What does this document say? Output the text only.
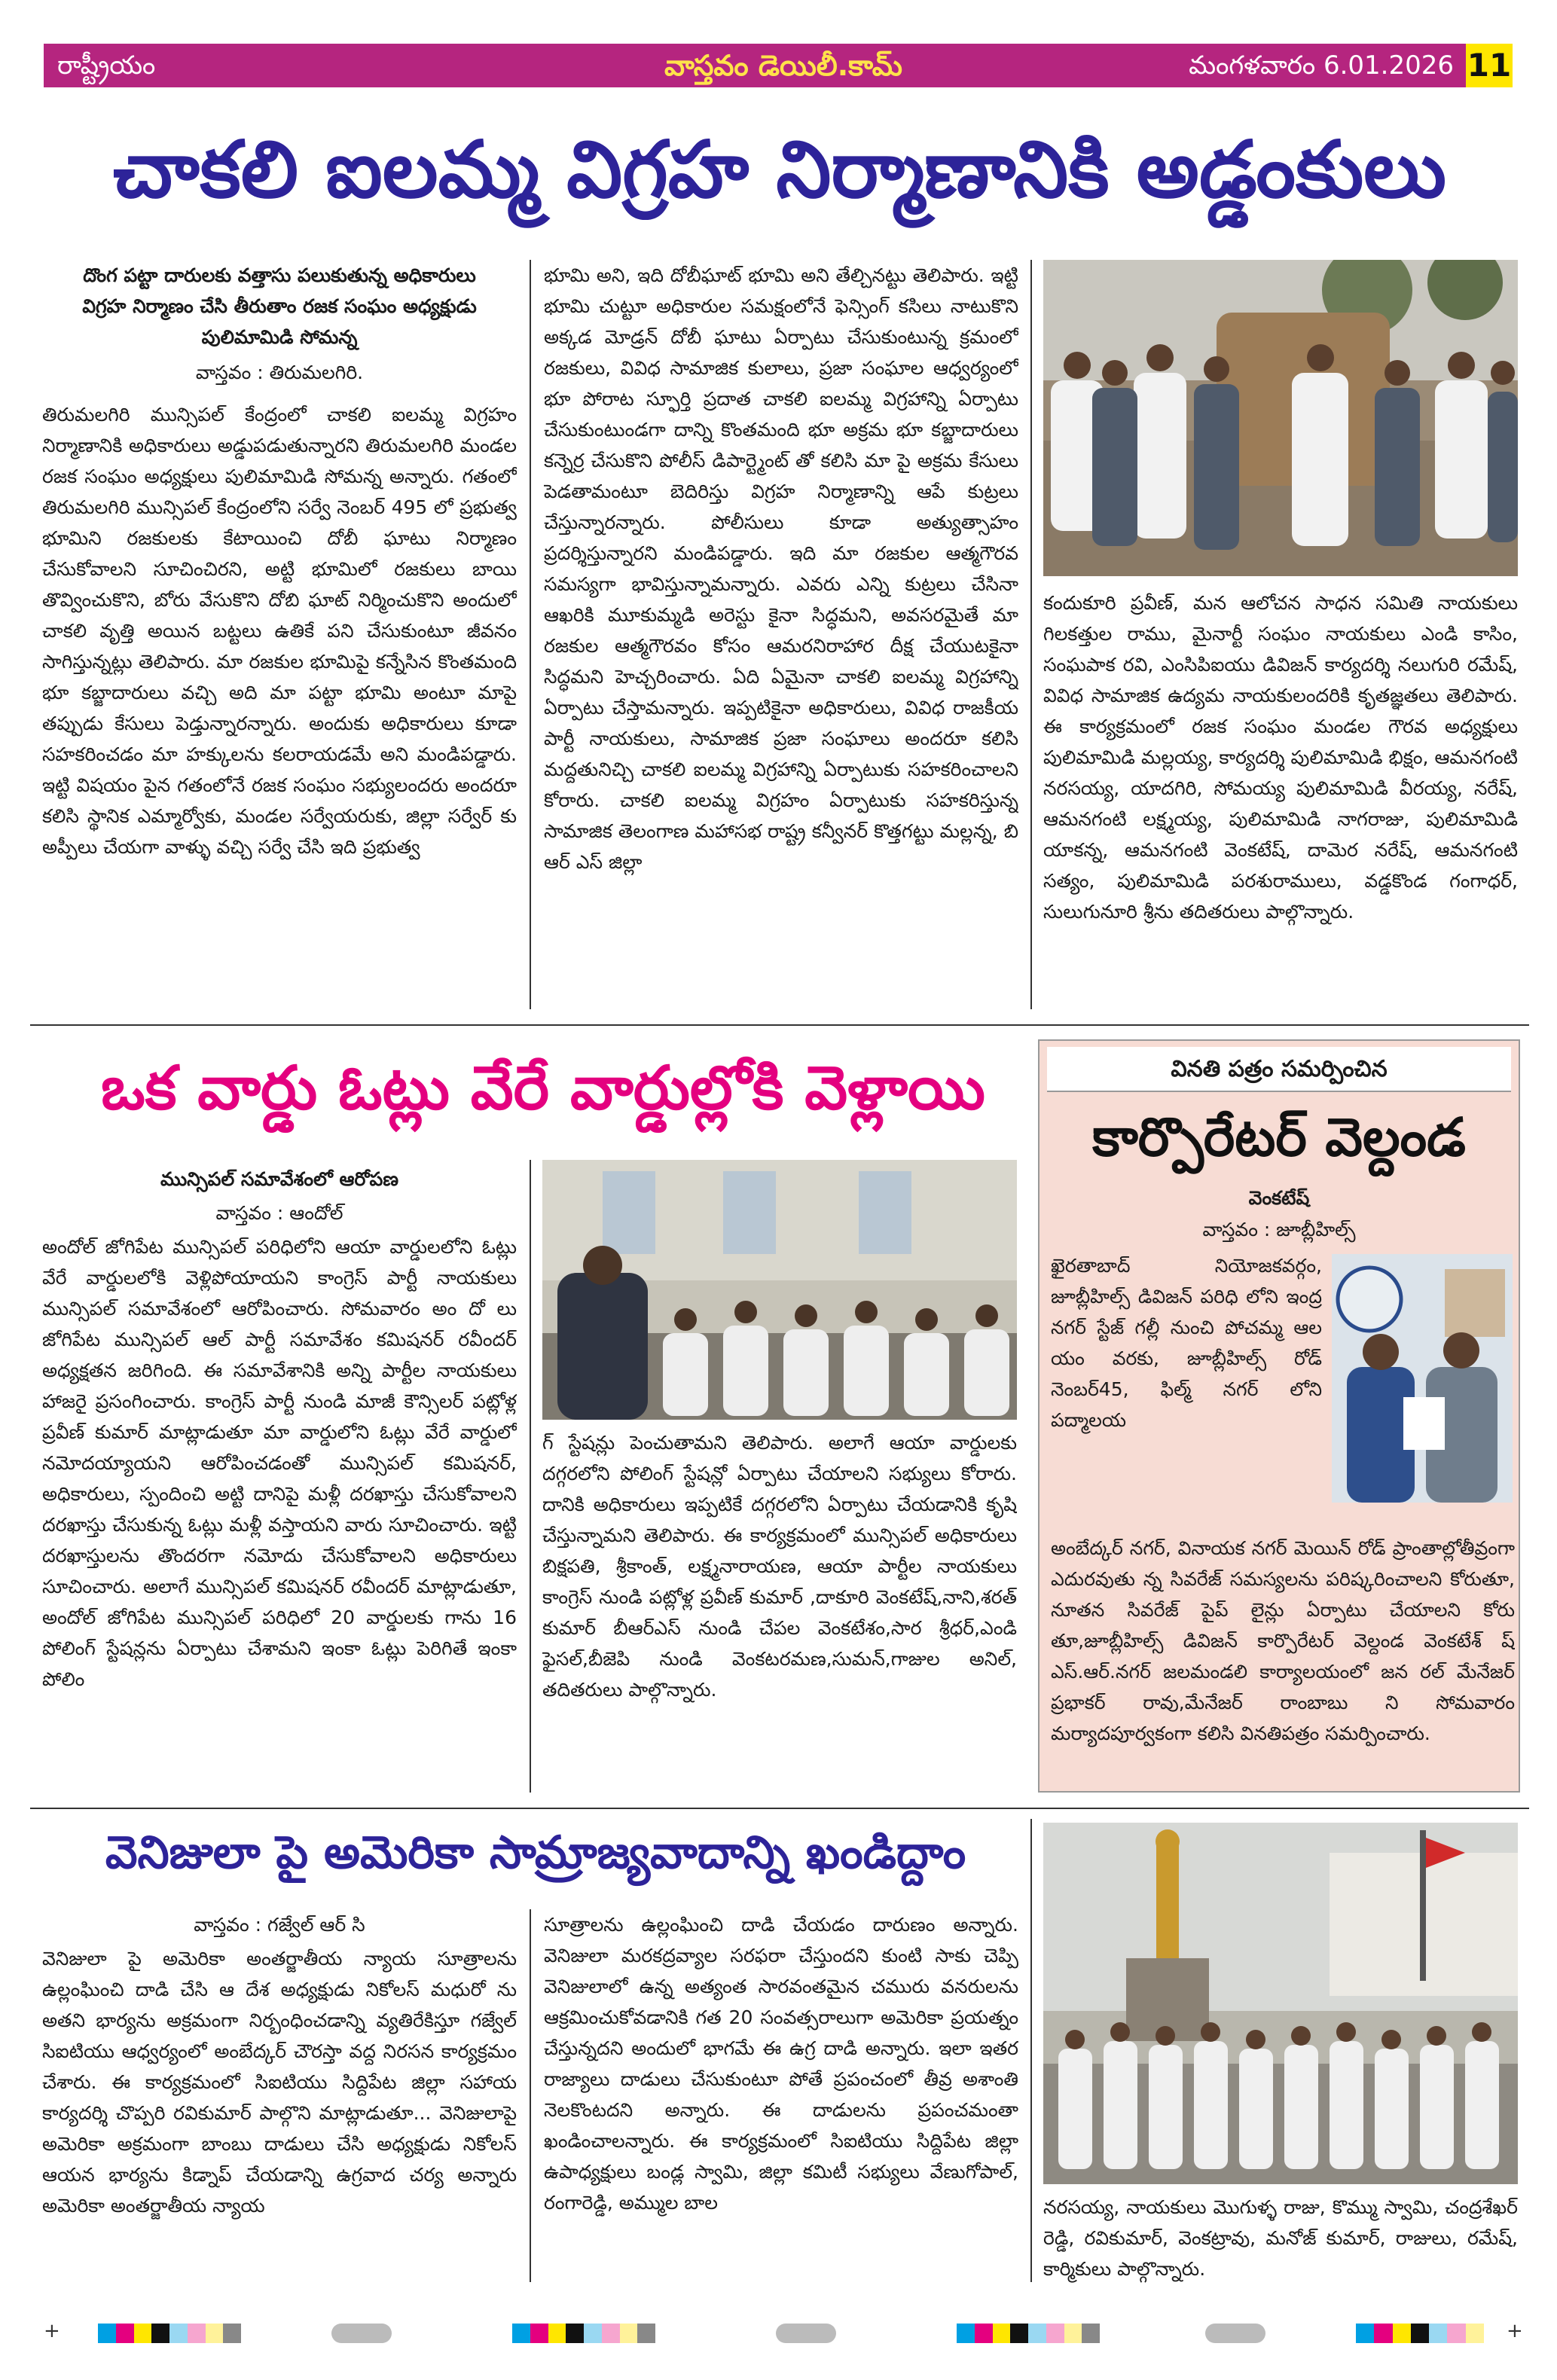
రాష్ట్రీయం	వాస్తవం డెయిలీ.కామ్	మంగళవారం 6.01.2026 11
చాకలి ఐలమ్మ విగ్రహ నిర్మాణానికి అడ్డంకులు
దొంగ పట్టా దారులకు వత్తాసు పలుకుతున్న అధికారులు
విగ్రహ నిర్మాణం చేసి తీరుతాం రజక సంఘం అధ్యక్షుడు
పులిమామిడి సోమన్న
వాస్తవం : తిరుమలగిరి.
తిరుమలగిరి మున్సిపల్ కేంద్రంలో చాకలి ఐలమ్మ విగ్రహం నిర్మాణానికి అధికారులు అడ్డుపడుతున్నారని తిరుమలగిరి మండల రజక సంఘం అధ్యక్షులు పులిమామిడి సోమన్న అన్నారు. గతంలో తిరుమలగిరి మున్సిపల్ కేంద్రంలోని సర్వే నెంబర్ 495 లో ప్రభుత్వ భూమిని రజకులకు కేటాయించి దోబీ ఘాటు నిర్మాణం చేసుకోవాలని సూచించిరని, అట్టి భూమిలో రజకులు బాయి తొవ్వించుకొని, బోరు వేసుకొని దోబి ఘాట్ నిర్మించుకొని అందులో చాకలి వృత్తి అయిన బట్టలు ఉతికే పని చేసుకుంటూ జీవనం సాగిస్తున్నట్లు తెలిపారు. మా రజకుల భూమిపై కన్నేసిన కొంతమంది భూ కబ్జాదారులు వచ్చి అది మా పట్టా భూమి అంటూ మాపై తప్పుడు కేసులు పెడ్తున్నారన్నారు. అందుకు అధికారులు కూడా సహకరించడం మా హక్కులను కలరాయడమే అని మండిపడ్డారు. ఇట్టి విషయం పైన గతంలోనే రజక సంఘం సభ్యులందరు అందరూ కలిసి స్థానిక ఎమ్మార్వోకు, మండల సర్వేయరుకు, జిల్లా సర్వేర్ కు అప్పీలు చేయగా వాళ్ళు వచ్చి సర్వే చేసి ఇది ప్రభుత్వ
భూమి అని, ఇది దోబీఘాట్ భూమి అని తేల్చినట్టు తెలిపారు. ఇట్టి భూమి చుట్టూ అధికారుల సమక్షంలోనే ఫెన్సింగ్ కసిలు నాటుకొని అక్కడ మోడ్రన్ దోబీ ఘాటు ఏర్పాటు చేసుకుంటున్న క్రమంలో రజకులు, వివిధ సామాజిక కులాలు, ప్రజా సంఘాల ఆధ్వర్యంలో భూ పోరాట స్ఫూర్తి ప్రదాత చాకలి ఐలమ్మ విగ్రహాన్ని ఏర్పాటు చేసుకుంటుండగా దాన్ని కొంతమంది భూ అక్రమ భూ కబ్జాదారులు కన్నెర్ర చేసుకొని పోలీస్ డిపార్ట్మెంట్ తో కలిసి మా పై అక్రమ కేసులు పెడతామంటూ బెదిరిస్తు విగ్రహ నిర్మాణాన్ని ఆపే కుట్రలు చేస్తున్నారన్నారు. పోలీసులు కూడా అత్యుత్సాహం ప్రదర్శిస్తున్నారని మండిపడ్డారు. ఇది మా రజకుల ఆత్మగౌరవ సమస్యగా భావిస్తున్నామన్నారు. ఎవరు ఎన్ని కుట్రలు చేసినా ఆఖరికి మూకుమ్మడి అరెస్టు కైనా సిద్ధమని, అవసరమైతే మా రజకుల ఆత్మగౌరవం కోసం ఆమరనిరాహార దీక్ష చేయుటకైనా సిద్ధమని హెచ్చరించారు. ఏది ఏమైనా చాకలి ఐలమ్మ విగ్రహాన్ని ఏర్పాటు చేస్తామన్నారు. ఇప్పటికైనా అధికారులు, వివిధ రాజకీయ పార్టీ నాయకులు, సామాజిక ప్రజా సంఘాలు అందరూ కలిసి మద్దతునిచ్చి చాకలి ఐలమ్మ విగ్రహాన్ని ఏర్పాటుకు సహకరించాలని కోరారు. చాకలి ఐలమ్మ విగ్రహం ఏర్పాటుకు సహకరిస్తున్న సామాజిక తెలంగాణ మహాసభ రాష్ట్ర కన్వీనర్ కొత్తగట్టు మల్లన్న, బి ఆర్ ఎస్ జిల్లా
కందుకూరి ప్రవీణ్, మన ఆలోచన సాధన సమితి నాయకులు గిలకత్తుల రాము, మైనార్టీ సంఘం నాయకులు ఎండి కాసిం, సంఘపాక రవి, ఎంసిపిఐయు డివిజన్ కార్యదర్శి నలుగురి రమేష్, వివిధ సామాజిక ఉద్యమ నాయకులందరికి కృతజ్ఞతలు తెలిపారు. ఈ కార్యక్రమంలో రజక సంఘం మండల గౌరవ అధ్యక్షులు పులిమామిడి మల్లయ్య, కార్యదర్శి పులిమామిడి భిక్షం, ఆమనగంటి నరసయ్య, యాదగిరి, సోమయ్య పులిమామిడి వీరయ్య, నరేష్, ఆమనగంటి లక్ష్మయ్య, పులిమామిడి నాగరాజు, పులిమామిడి యాకన్న, ఆమనగంటి వెంకటేష్, దామెర నరేష్, ఆమనగంటి సత్యం, పులిమామిడి పరశురాములు, వడ్డకొండ గంగాధర్, సులుగునూరి శ్రీను తదితరులు పాల్గొన్నారు.
ఒక వార్డు ఓట్లు వేరే వార్డుల్లోకి వెళ్లాయి
మున్సిపల్ సమావేశంలో ఆరోపణ
వాస్తవం : ఆందోల్
అందోల్ జోగిపేట మున్సిపల్ పరిధిలోని ఆయా వార్డులలోని ఓట్లు వేరే వార్డులలోకి వెళ్లిపోయాయని కాంగ్రెస్ పార్టీ నాయకులు మున్సిపల్ సమావేశంలో ఆరోపించారు. సోమవారం అం దో లు జోగిపేట మున్సిపల్ ఆల్ పార్టీ సమావేశం కమిషనర్ రవీందర్ అధ్యక్షతన జరిగింది. ఈ సమావేశానికి అన్ని పార్టీల నాయకులు హాజరై ప్రసంగించారు. కాంగ్రెస్ పార్టీ నుండి మాజీ కౌన్సిలర్ పట్లోళ్ల ప్రవీణ్ కుమార్ మాట్లాడుతూ మా వార్డులోని ఓట్లు వేరే వార్డులో నమోదయ్యాయని ఆరోపించడంతో మున్సిపల్ కమిషనర్, అధికారులు, స్పందించి అట్టి దానిపై మళ్లీ దరఖాస్తు చేసుకోవాలని దరఖాస్తు చేసుకున్న ఓట్లు మళ్లీ వస్తాయని వారు సూచించారు. ఇట్టి దరఖాస్తులను తొందరగా నమోదు చేసుకోవాలని అధికారులు సూచించారు. అలాగే మున్సిపల్ కమిషనర్ రవీందర్ మాట్లాడుతూ, అందోల్ జోగిపేట మున్సిపల్ పరిధిలో 20 వార్డులకు గాను 16 పోలింగ్ స్టేషన్లను ఏర్పాటు చేశామని ఇంకా ఓట్లు పెరిగితే ఇంకా పోలిం
గ్ స్టేషన్లు పెంచుతామని తెలిపారు. అలాగే ఆయా వార్డులకు దగ్గరలోని పోలింగ్ స్టేషన్లో ఏర్పాటు చేయాలని సభ్యులు కోరారు. దానికి అధికారులు ఇప్పటికే దగ్గరలోని ఏర్పాటు చేయడానికి కృషి చేస్తున్నామని తెలిపారు. ఈ కార్యక్రమంలో మున్సిపల్ అధికారులు బిక్షపతి, శ్రీకాంత్, లక్ష్మనారాయణ, ఆయా పార్టీల నాయకులు కాంగ్రెస్ నుండి పట్లోళ్ల ప్రవీణ్ కుమార్ ,దాకూరి వెంకటేష్,నాని,శరత్ కుమార్ బీఆర్ఎస్ నుండి చేపల వెంకటేశం,సార శ్రీధర్,ఎండి ఫైసల్,బీజెపి నుండి వెంకటరమణ,సుమన్,గాజుల అనిల్, తదితరులు పాల్గొన్నారు.
వినతి పత్రం సమర్పించిన
కార్పొరేటర్ వెల్దండ
వెంకటేష్
వాస్తవం : జూబ్లీహిల్స్
ఖైరతాబాద్ నియోజకవర్గం, జూబ్లీహిల్స్ డివిజన్ పరిధి లోని ఇంద్ర నగర్ స్టేజ్ గల్లీ నుంచి పోచమ్మ ఆల యం వరకు, జూబ్లీహిల్స్ రోడ్ నెంబర్45, ఫిల్మ్ నగర్ లోని పద్మాలయ
అంబేద్కర్ నగర్, వినాయక నగర్ మెయిన్ రోడ్ ప్రాంతాల్లోతీవ్రంగా ఎదురవుతు న్న సివరేజ్ సమస్యలను పరిష్కరించాలని కోరుతూ, నూతన సివరేజ్ పైప్ లైన్లు ఏర్పాటు చేయాలని కోరు తూ,జూబ్లీహిల్స్ డివిజన్ కార్పొరేటర్ వెల్దండ వెంకటేశ్ ష్ ఎస్.ఆర్.నగర్ జలమండలి కార్యాలయంలో జన రల్ మేనేజర్ ప్రభాకర్ రావు,మేనేజర్ రాంబాబు ని సోమవారం మర్యాదపూర్వకంగా కలిసి వినతిపత్రం సమర్పించారు.
వెనిజులా పై అమెరికా సామ్రాజ్యవాదాన్ని ఖండిద్దాం
వాస్తవం : గజ్వేల్ ఆర్ సి
వెనిజులా పై అమెరికా అంతర్జాతీయ న్యాయ సూత్రాలను ఉల్లంఘించి దాడి చేసి ఆ దేశ అధ్యక్షుడు నికోలస్ మధురో ను అతని భార్యను అక్రమంగా నిర్బంధించడాన్ని వ్యతిరేకిస్తూ గజ్వేల్ సిఐటియు ఆధ్వర్యంలో అంబేద్కర్ చౌరస్తా వద్ద నిరసన కార్యక్రమం చేశారు. ఈ కార్యక్రమంలో సిఐటియు సిద్దిపేట జిల్లా సహాయ కార్యదర్శి చొప్పరి రవికుమార్ పాల్గొని మాట్లాడుతూ... వెనిజులాపై అమెరికా అక్రమంగా బాంబు దాడులు చేసి అధ్యక్షుడు నికోలస్ ఆయన భార్యను కిడ్నాప్ చేయడాన్ని ఉగ్రవాద చర్య అన్నారు అమెరికా అంతర్జాతీయ న్యాయ
సూత్రాలను ఉల్లంఘించి దాడి చేయడం దారుణం అన్నారు. వెనిజులా మరకద్రవ్యాల సరఫరా చేస్తుందని కుంటి సాకు చెప్పి వెనిజులాలో ఉన్న అత్యంత సారవంతమైన చమురు వనరులను ఆక్రమించుకోవడానికి గత 20 సంవత్సరాలుగా అమెరికా ప్రయత్నం చేస్తున్నదని అందులో భాగమే ఈ ఉగ్ర దాడి అన్నారు. ఇలా ఇతర రాజ్యాలు దాడులు చేసుకుంటూ పోతే ప్రపంచంలో తీవ్ర అశాంతి నెలకొంటదని అన్నారు. ఈ దాడులను ప్రపంచమంతా ఖండించాలన్నారు. ఈ కార్యక్రమంలో సిఐటియు సిద్దిపేట జిల్లా ఉపాధ్యక్షులు బండ్ల స్వామి, జిల్లా కమిటీ సభ్యులు వేణుగోపాల్, రంగారెడ్డి, అమ్ముల బాల	నరసయ్య, నాయకులు మొగుళ్ళ రాజు, కొమ్ము స్వామి, చంద్రశేఖర్ రెడ్డి, రవికుమార్, వెంకట్రావు, మనోజ్ కుమార్, రాజులు, రమేష్, కార్మికులు పాల్గొన్నారు.
+	+
